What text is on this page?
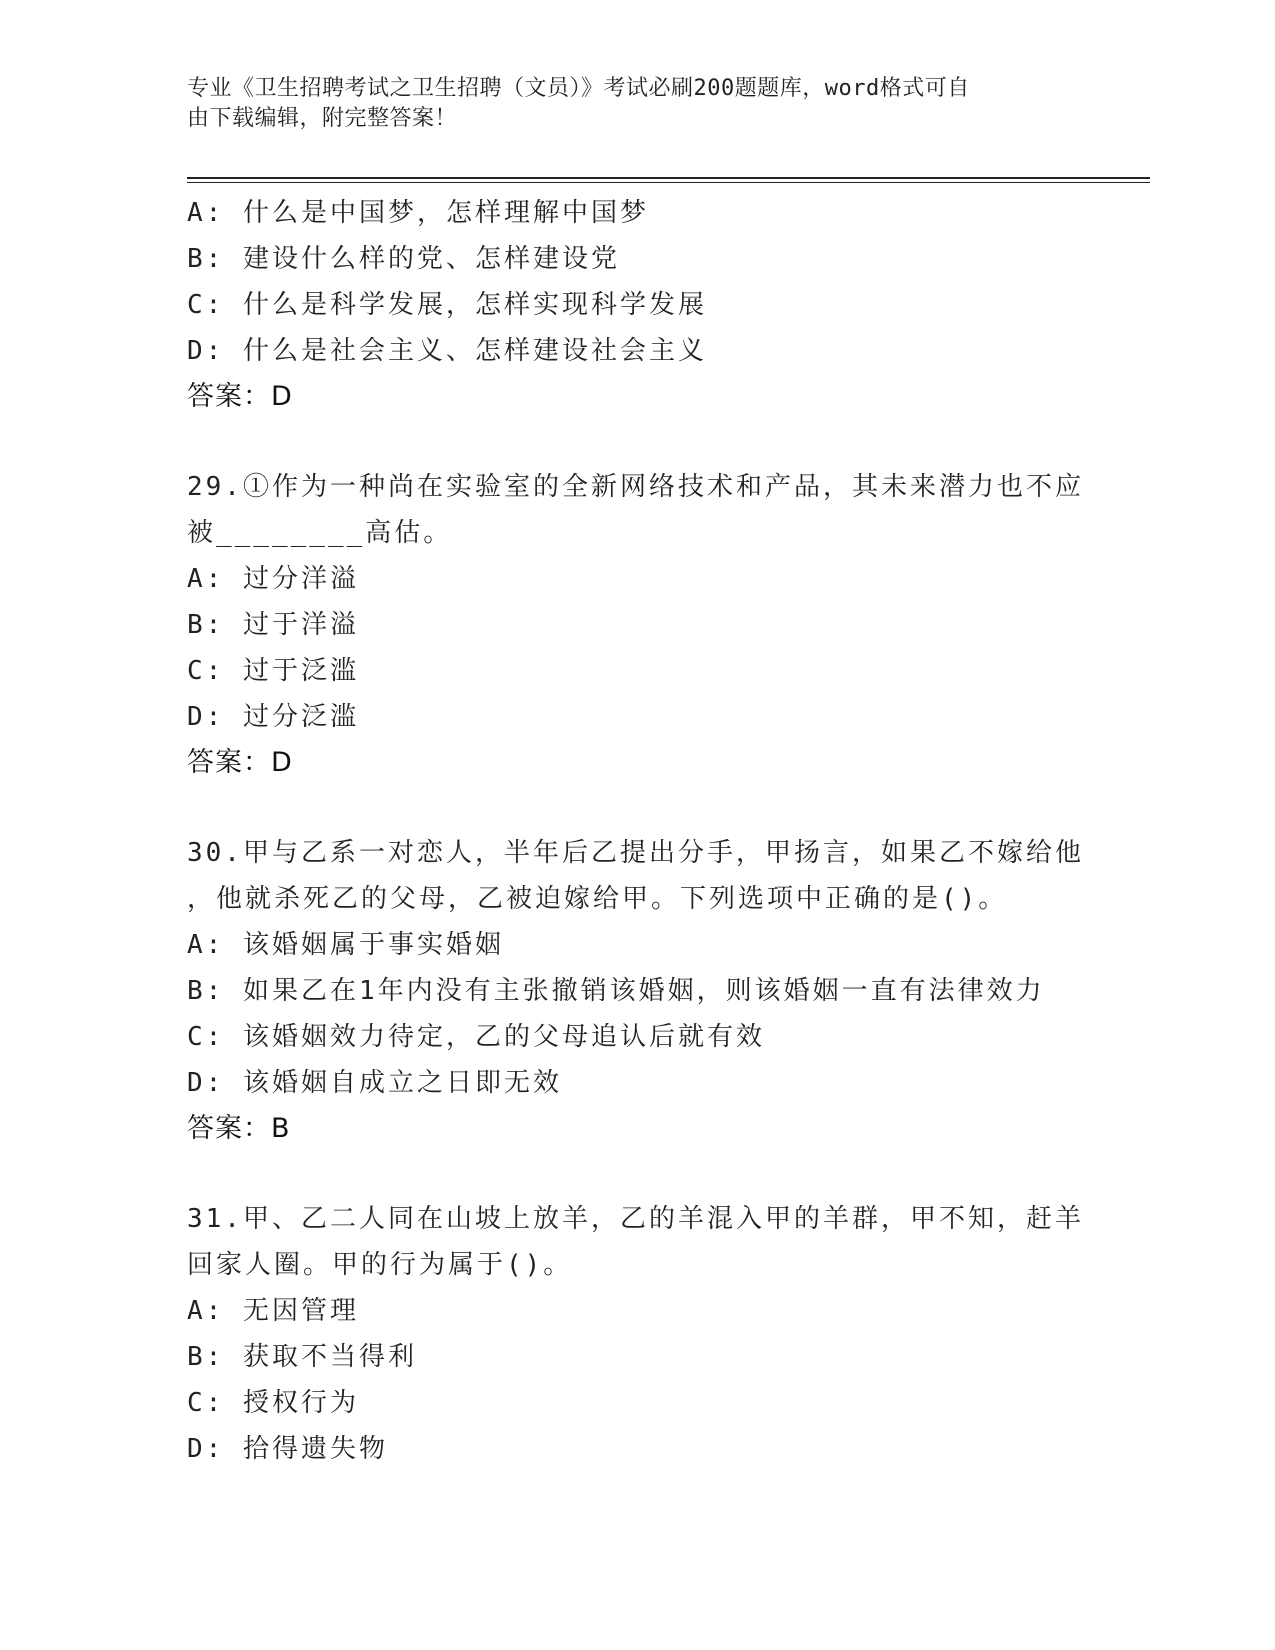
专业《卫生招聘考试之卫生招聘（文员）》考试必刷200题题库，word格式可自
由下载编辑，附完整答案！
A: 什么是中国梦，怎样理解中国梦
B: 建设什么样的党、怎样建设党
C: 什么是科学发展，怎样实现科学发展
D: 什么是社会主义、怎样建设社会主义
答案：D
29.①作为一种尚在实验室的全新网络技术和产品，其未来潜力也不应
被________高估。
A: 过分洋溢
B: 过于洋溢
C: 过于泛滥
D: 过分泛滥
答案：D
30.甲与乙系一对恋人，半年后乙提出分手，甲扬言，如果乙不嫁给他
，他就杀死乙的父母，乙被迫嫁给甲。下列选项中正确的是()。
A: 该婚姻属于事实婚姻
B: 如果乙在1年内没有主张撤销该婚姻，则该婚姻一直有法律效力
C: 该婚姻效力待定，乙的父母追认后就有效
D: 该婚姻自成立之日即无效
答案：B
31.甲、乙二人同在山坡上放羊，乙的羊混入甲的羊群，甲不知，赶羊
回家人圈。甲的行为属于()。
A: 无因管理
B: 获取不当得利
C: 授权行为
D: 拾得遗失物
